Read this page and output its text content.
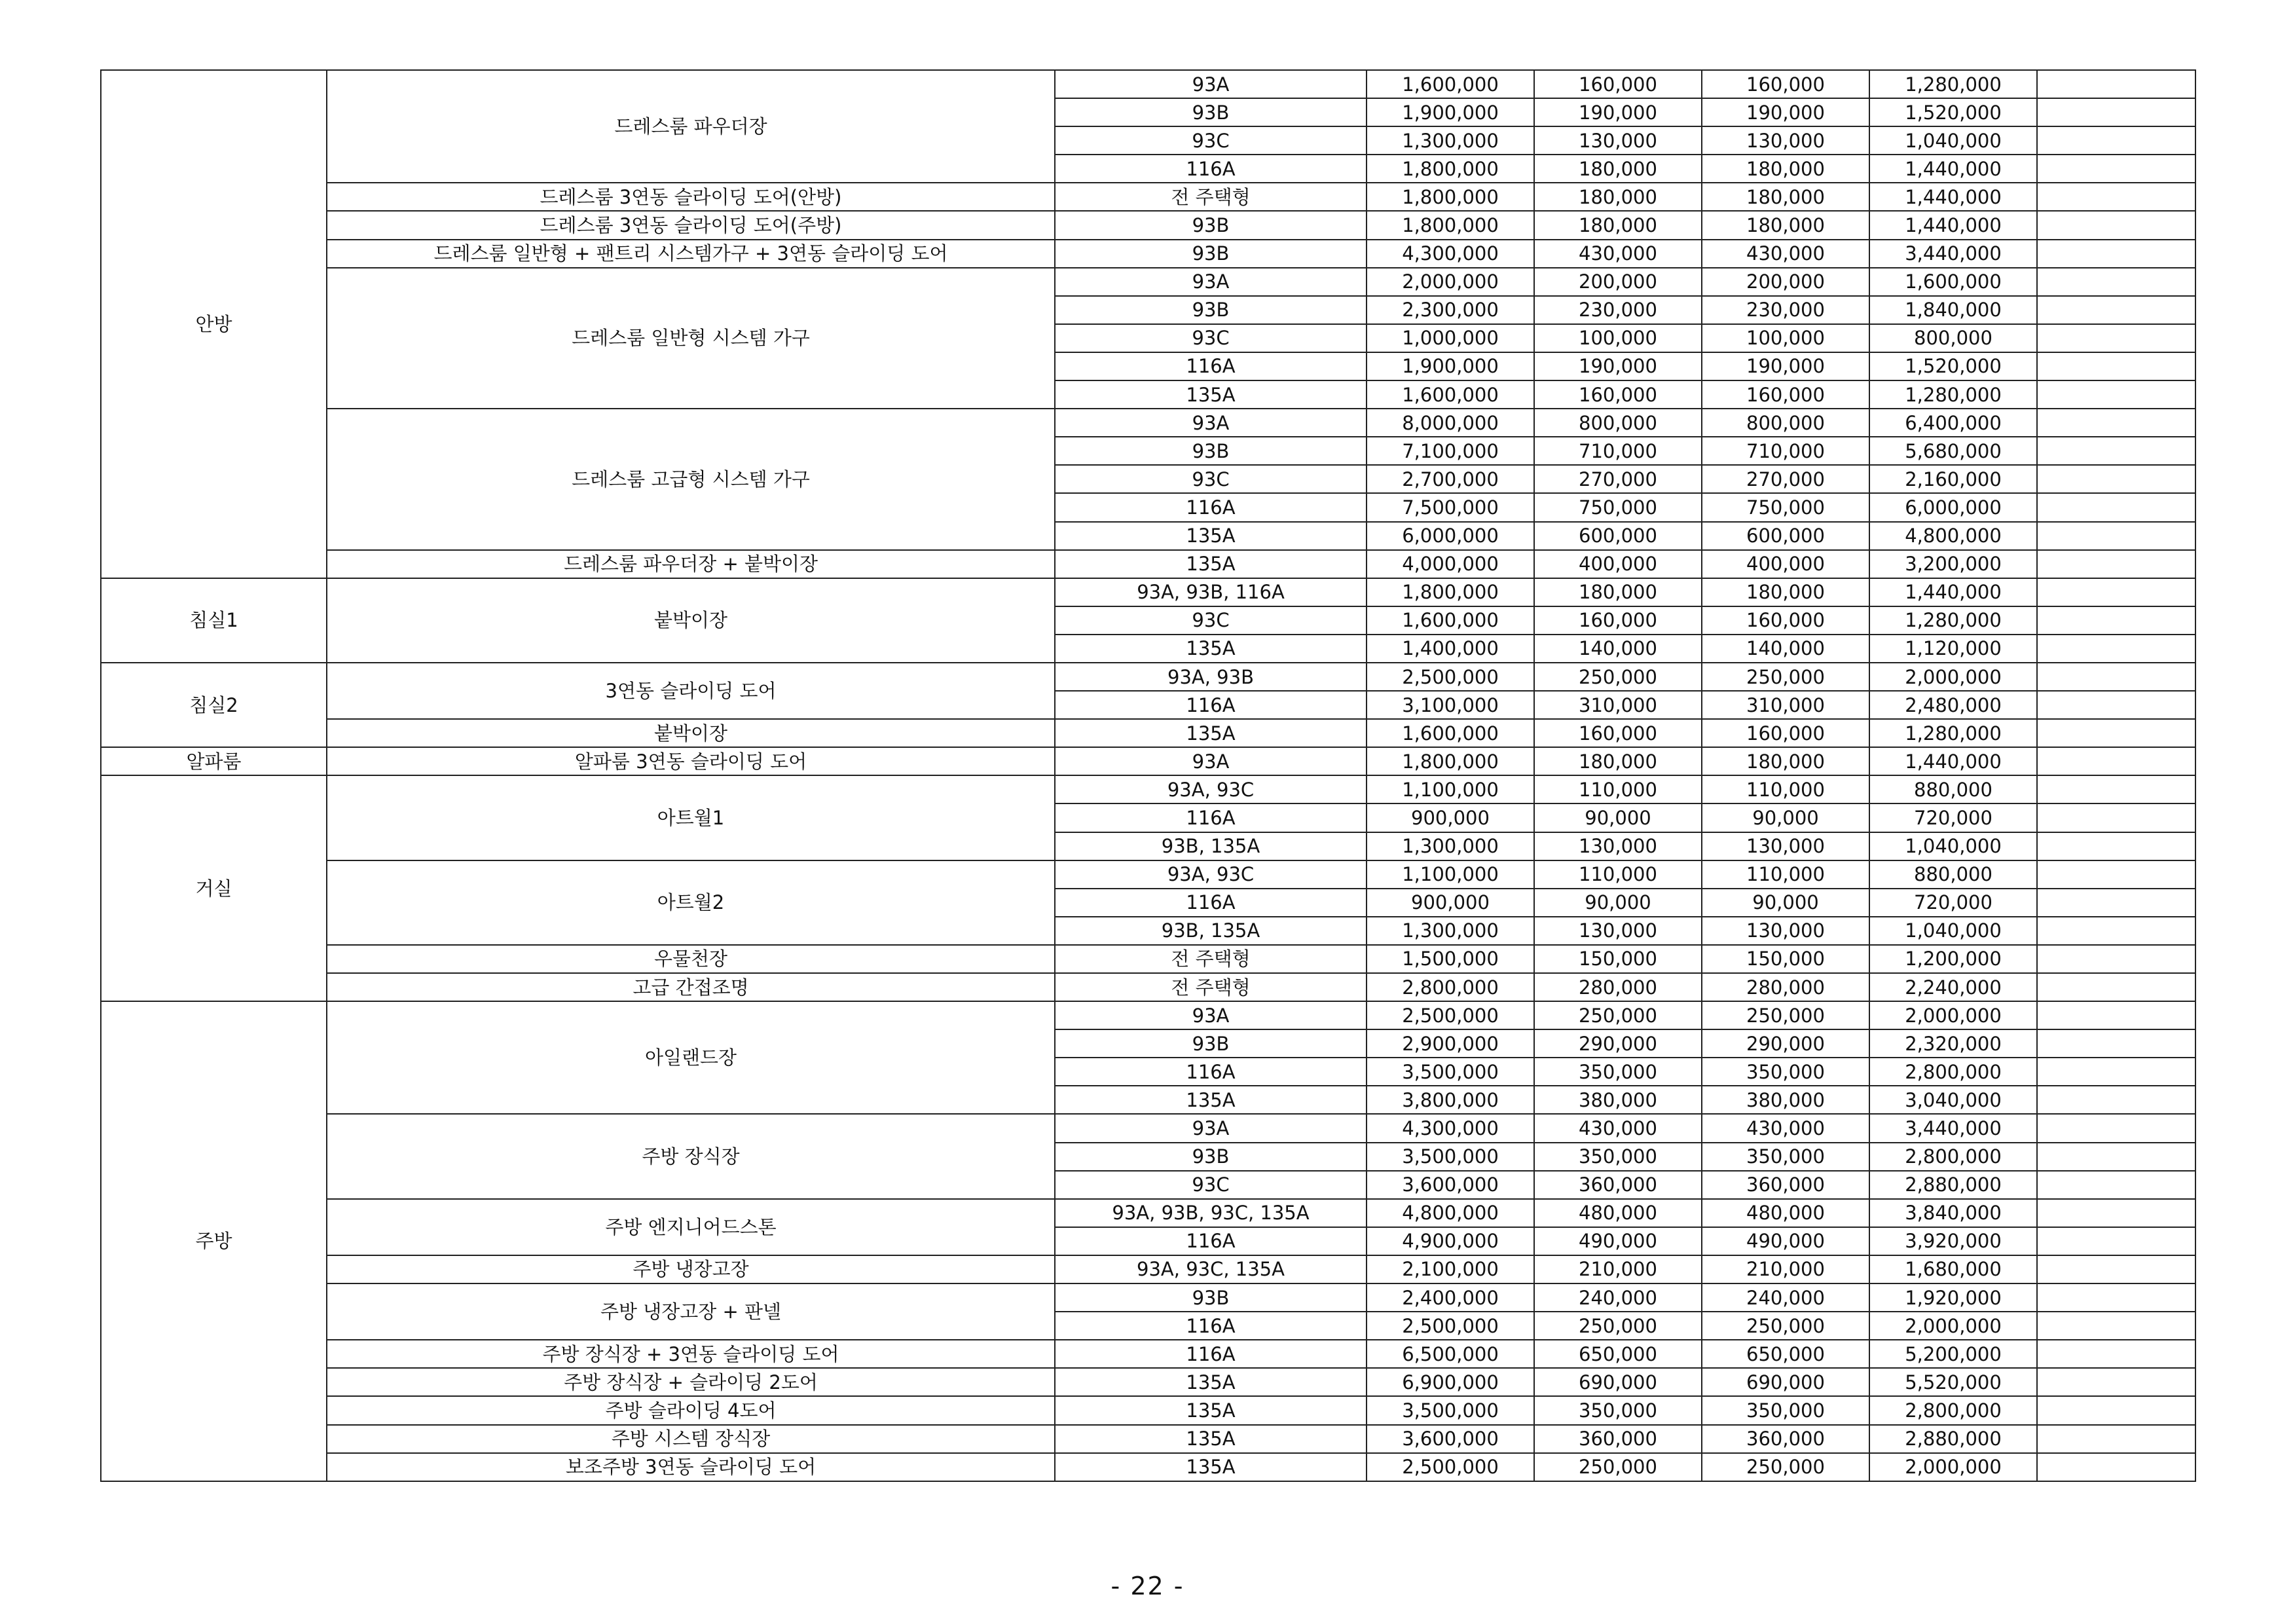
안방	드레스룸 파우더장	93A	1,600,000	160,000	160,000	1,280,000	
		93B	1,900,000	190,000	190,000	1,520,000	
		93C	1,300,000	130,000	130,000	1,040,000	
		116A	1,800,000	180,000	180,000	1,440,000	
	드레스룸 3연동 슬라이딩 도어(안방)	전 주택형	1,800,000	180,000	180,000	1,440,000	
	드레스룸 3연동 슬라이딩 도어(주방)	93B	1,800,000	180,000	180,000	1,440,000	
	드레스룸 일반형 + 팬트리 시스템가구 + 3연동 슬라이딩 도어	93B	4,300,000	430,000	430,000	3,440,000	
	드레스룸 일반형 시스템 가구	93A	2,000,000	200,000	200,000	1,600,000	
		93B	2,300,000	230,000	230,000	1,840,000	
		93C	1,000,000	100,000	100,000	800,000	
		116A	1,900,000	190,000	190,000	1,520,000	
		135A	1,600,000	160,000	160,000	1,280,000	
	드레스룸 고급형 시스템 가구	93A	8,000,000	800,000	800,000	6,400,000	
		93B	7,100,000	710,000	710,000	5,680,000	
		93C	2,700,000	270,000	270,000	2,160,000	
		116A	7,500,000	750,000	750,000	6,000,000	
		135A	6,000,000	600,000	600,000	4,800,000	
	드레스룸 파우더장 + 붙박이장	135A	4,000,000	400,000	400,000	3,200,000	
침실1	붙박이장	93A, 93B, 116A	1,800,000	180,000	180,000	1,440,000	
		93C	1,600,000	160,000	160,000	1,280,000	
		135A	1,400,000	140,000	140,000	1,120,000	
침실2	3연동 슬라이딩 도어	93A, 93B	2,500,000	250,000	250,000	2,000,000	
		116A	3,100,000	310,000	310,000	2,480,000	
	붙박이장	135A	1,600,000	160,000	160,000	1,280,000	
알파룸	알파룸 3연동 슬라이딩 도어	93A	1,800,000	180,000	180,000	1,440,000	
거실	아트월1	93A, 93C	1,100,000	110,000	110,000	880,000	
		116A	900,000	90,000	90,000	720,000	
		93B, 135A	1,300,000	130,000	130,000	1,040,000	
	아트월2	93A, 93C	1,100,000	110,000	110,000	880,000	
		116A	900,000	90,000	90,000	720,000	
		93B, 135A	1,300,000	130,000	130,000	1,040,000	
	우물천장	전 주택형	1,500,000	150,000	150,000	1,200,000	
	고급 간접조명	전 주택형	2,800,000	280,000	280,000	2,240,000	
주방	아일랜드장	93A	2,500,000	250,000	250,000	2,000,000	
		93B	2,900,000	290,000	290,000	2,320,000	
		116A	3,500,000	350,000	350,000	2,800,000	
		135A	3,800,000	380,000	380,000	3,040,000	
	주방 장식장	93A	4,300,000	430,000	430,000	3,440,000	
		93B	3,500,000	350,000	350,000	2,800,000	
		93C	3,600,000	360,000	360,000	2,880,000	
	주방 엔지니어드스톤	93A, 93B, 93C, 135A	4,800,000	480,000	480,000	3,840,000	
		116A	4,900,000	490,000	490,000	3,920,000	
	주방 냉장고장	93A, 93C, 135A	2,100,000	210,000	210,000	1,680,000	
	주방 냉장고장 + 판넬	93B	2,400,000	240,000	240,000	1,920,000	
		116A	2,500,000	250,000	250,000	2,000,000	
	주방 장식장 + 3연동 슬라이딩 도어	116A	6,500,000	650,000	650,000	5,200,000	
	주방 장식장 + 슬라이딩 2도어	135A	6,900,000	690,000	690,000	5,520,000	
	주방 슬라이딩 4도어	135A	3,500,000	350,000	350,000	2,800,000	
	주방 시스템 장식장	135A	3,600,000	360,000	360,000	2,880,000	
	보조주방 3연동 슬라이딩 도어	135A	2,500,000	250,000	250,000	2,000,000	
- 22 -
